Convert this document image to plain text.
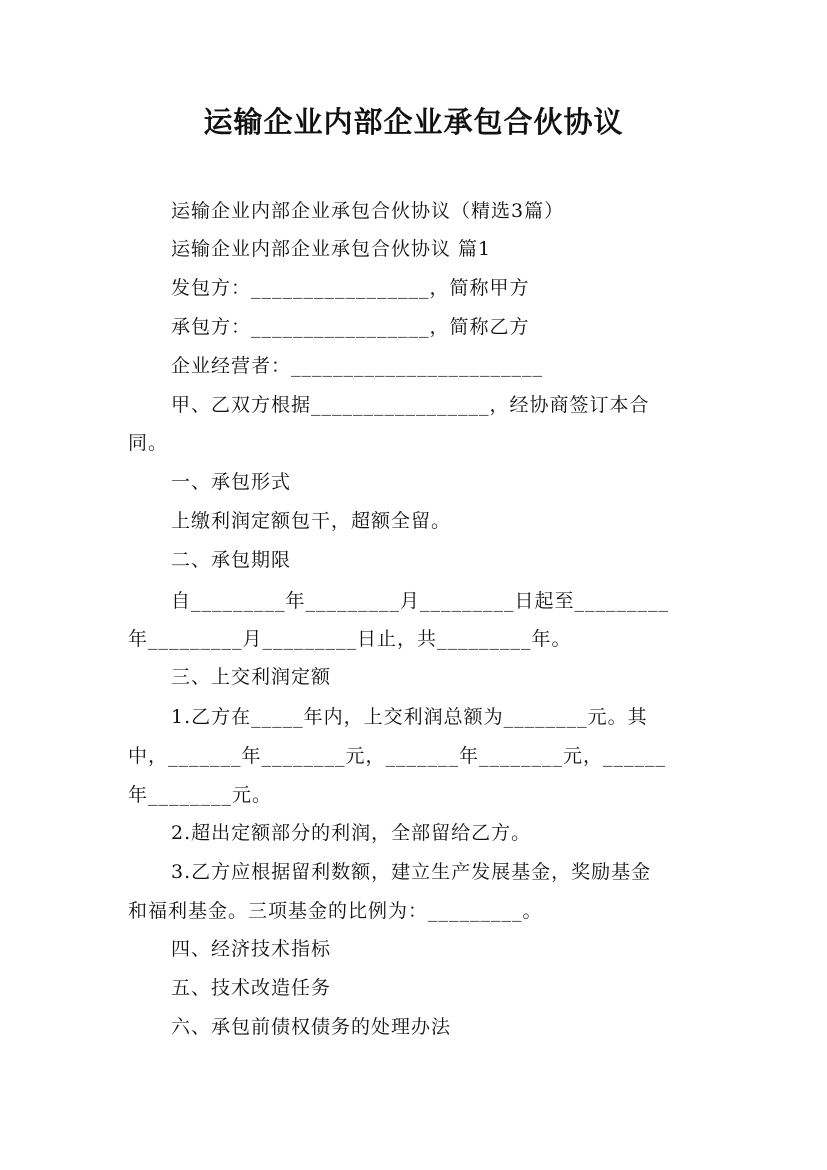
运输企业内部企业承包合伙协议
运输企业内部企业承包合伙协议（精选3篇）
运输企业内部企业承包合伙协议 篇1
发包方：_________________，简称甲方
承包方：_________________，简称乙方
企业经营者：________________________
甲、乙双方根据_________________，经协商签订本合
同。
一、承包形式
上缴利润定额包干，超额全留。
二、承包期限
自_________年_________月_________日起至_________
年_________月_________日止，共_________年。
三、上交利润定额
1.乙方在_____年内，上交利润总额为________元。其
中，_______年________元，_______年________元，______
年________元。
2.超出定额部分的利润，全部留给乙方。
3.乙方应根据留利数额，建立生产发展基金，奖励基金
和福利基金。三项基金的比例为：_________。
四、经济技术指标
五、技术改造任务
六、承包前债权债务的处理办法
